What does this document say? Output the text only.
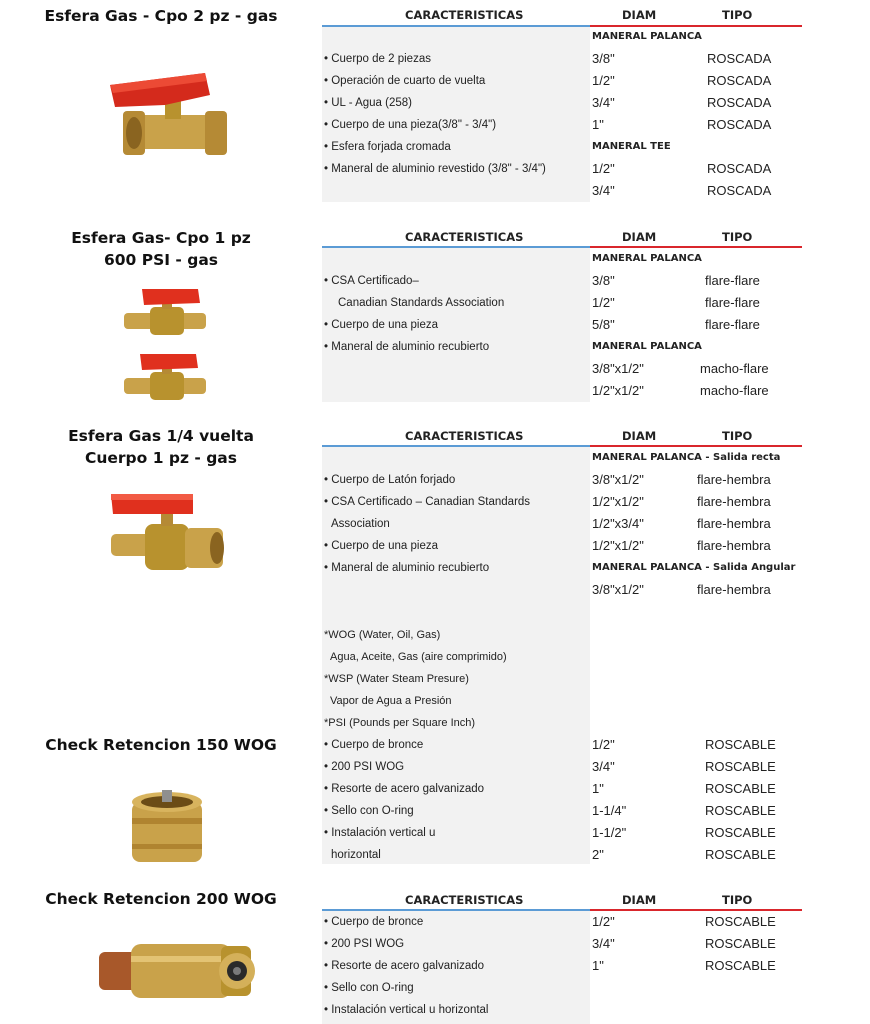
Esfera Gas - Cpo 2 pz - gas	CARACTERISTICAS	DIAM	TIPO
MANERAL PALANCA
• Cuerpo de 2 piezas
• Operación de cuarto de vuelta
• UL - Agua (258)
• Cuerpo de una pieza(3/8" - 3/4")
• Esfera forjada cromada
• Maneral de aluminio revestido (3/8" - 3/4")
3/8"	ROSCADA
1/2"	ROSCADA
3/4"	ROSCADA
1"	ROSCADA
MANERAL TEE
1/2"	ROSCADA
3/4"	ROSCADA
Esfera Gas- Cpo 1 pz
600 PSI - gas
CARACTERISTICAS	DIAM	TIPO
MANERAL PALANCA
• CSA Certificado–
Canadian Standards Association
• Cuerpo de una pieza
• Maneral de aluminio recubierto
3/8"	flare-flare
1/2"	flare-flare
5/8"	flare-flare
MANERAL PALANCA
3/8"x1/2"	macho-flare
1/2"x1/2"	macho-flare
Esfera Gas 1/4 vuelta
Cuerpo 1 pz - gas
CARACTERISTICAS	DIAM	TIPO
MANERAL PALANCA - Salida recta
• Cuerpo de Latón forjado
• CSA Certificado – Canadian Standards
Association
• Cuerpo de una pieza
• Maneral de aluminio recubierto
3/8"x1/2"	flare-hembra
1/2"x1/2"	flare-hembra
1/2"x3/4"	flare-hembra
1/2"x1/2"	flare-hembra
MANERAL PALANCA - Salida Angular
3/8"x1/2"	flare-hembra
*WOG (Water, Oil, Gas)
Agua, Aceite, Gas (aire comprimido)
*WSP (Water Steam Presure)
Vapor de Agua a Presión
*PSI (Pounds per Square Inch)
Check Retencion 150 WOG
•	Cuerpo de bronce
• 200 PSI WOG
• Resorte de acero galvanizado
• Sello con O-ring
• Instalación vertical u
horizontal
1/2"	ROSCABLE
3/4"	ROSCABLE
1"	ROSCABLE
1-1/4"	ROSCABLE
1-1/2"	ROSCABLE
2"	ROSCABLE
Check Retencion 200 WOG	CARACTERISTICAS	DIAM	TIPO
• Cuerpo de bronce
• 200 PSI WOG
• Resorte de acero galvanizado
• Sello con O-ring
• Instalación vertical u horizontal
1/2"	ROSCABLE
3/4"	ROSCABLE
1"	ROSCABLE
